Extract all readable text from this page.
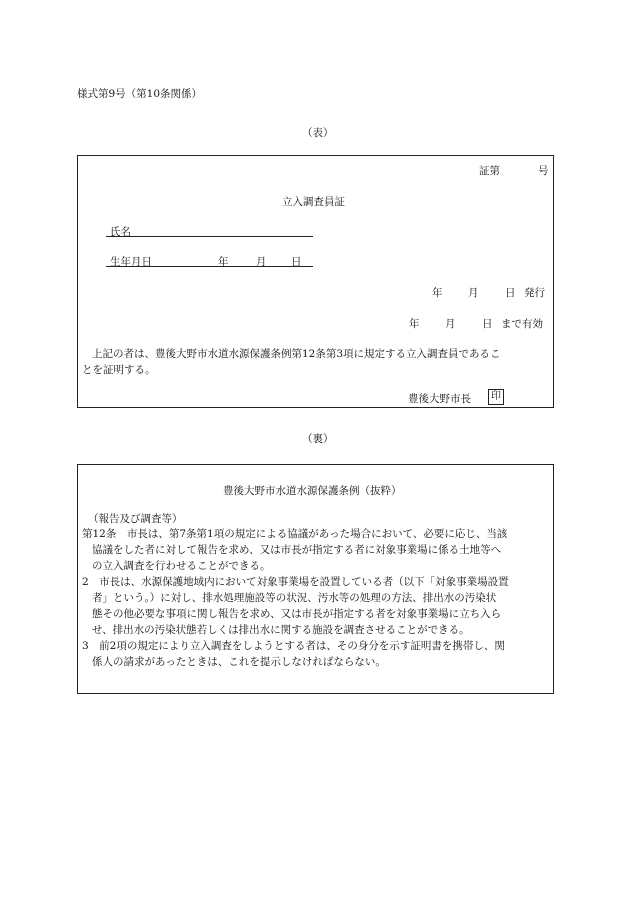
様式第9号（第10条関係）
（表）
証第	号
立入調査員証
氏名
生年月日	年	月 日
年 月	日 発行
年 月	日 まで有効
上記の者は、豊後大野市水道水源保護条例第12条第3項に規定する立入調査員であるこ
とを証明する。
豊後大野市長	印
（裏）
豊後大野市水道水源保護条例（抜粋）
（報告及び調査等）
第12条　市長は、第7条第1項の規定による協議があった場合において、必要に応じ、当該
協議をした者に対して報告を求め、又は市長が指定する者に対象事業場に係る土地等へ
の立入調査を行わせることができる。
2　市長は、水源保護地域内において対象事業場を設置している者（以下「対象事業場設置
者」という。）に対し、排水処理施設等の状況、汚水等の処理の方法、排出水の汚染状
態その他必要な事項に関し報告を求め、又は市長が指定する者を対象事業場に立ち入ら
せ、排出水の汚染状態若しくは排出水に関する施設を調査させることができる。
3　前2項の規定により立入調査をしようとする者は、その身分を示す証明書を携帯し、関
係人の請求があったときは、これを提示しなければならない。
